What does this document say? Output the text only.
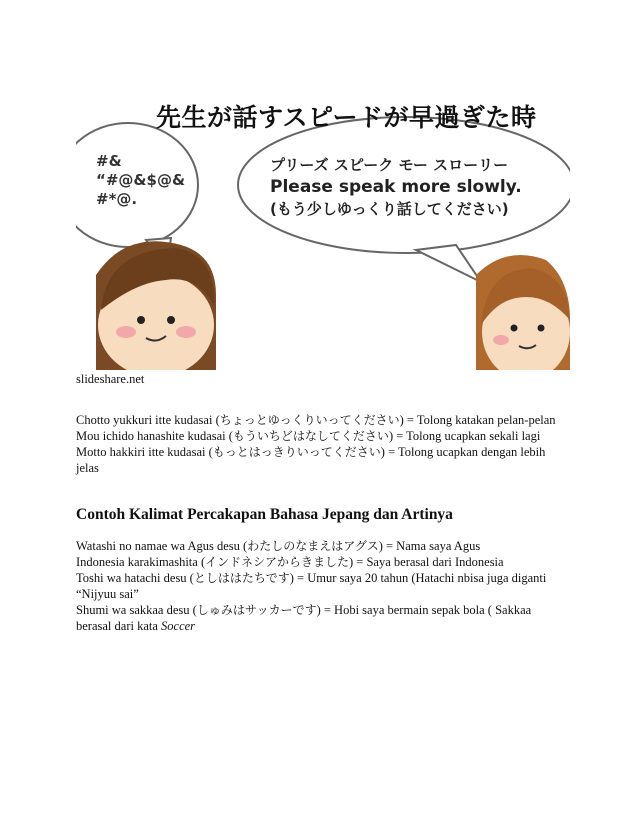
先生が話すスピードが早過ぎた時
#&
“#@&$@&
#*@.
プリーズ スピーク モー スローリー
Please speak more slowly.
(もう少しゆっくり話してください)
slideshare.net

Chotto yukkuri itte kudasai (ちょっとゆっくりいってください) = Tolong katakan pelan-pelan

Mou ichido hanashite kudasai (もういちどはなしてください) = Tolong ucapkan sekali lagi

Motto hakkiri itte kudasai (もっとはっきりいってください) = Tolong ucapkan dengan lebih jelas

Contoh Kalimat Percakapan Bahasa Jepang dan Artinya

Watashi no namae wa Agus desu (わたしのなまえはアグス) = Nama saya Agus

Indonesia karakimashita (インドネシアからきました) = Saya berasal dari Indonesia

Toshi wa hatachi desu (としははたちです) = Umur saya 20 tahun (Hatachi nbisa juga diganti “Nijyuu sai”

Shumi wa sakkaa desu (しゅみはサッカーです) = Hobi saya bermain sepak bola ( Sakkaa berasal dari kata Soccer
